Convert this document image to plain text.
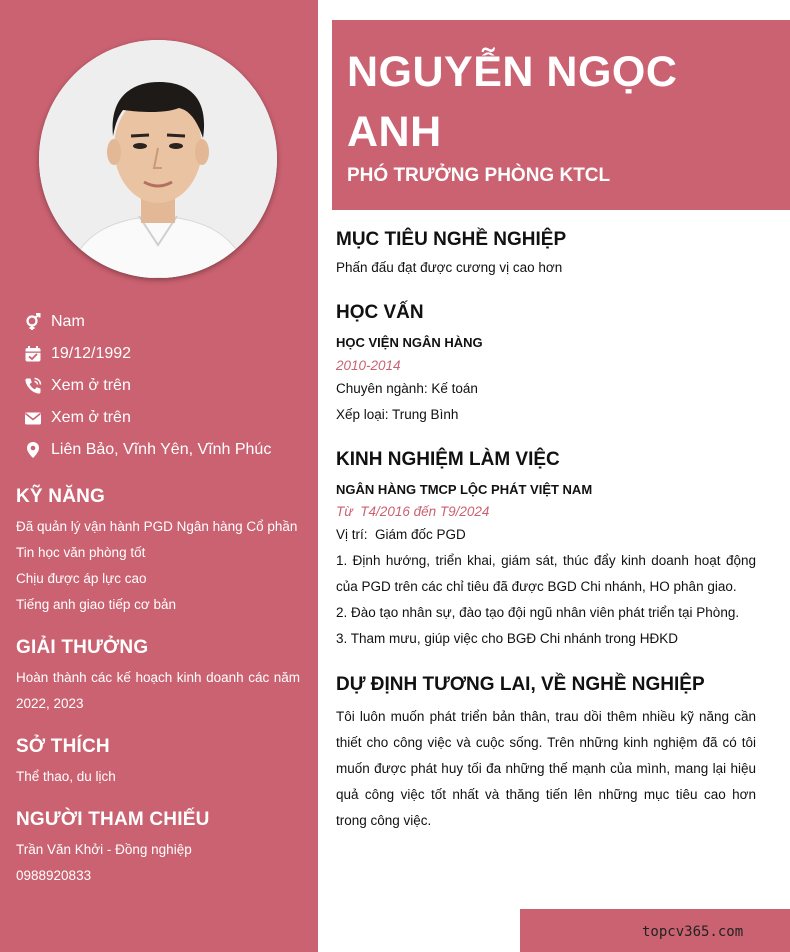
Nam
19/12/1992
Xem ở trên
Xem ở trên
Liên Bảo, Vĩnh Yên, Vĩnh Phúc
KỸ NĂNG
Đã quản lý vận hành PGD Ngân hàng Cổ phần
Tin học văn phòng tốt
Chịu được áp lực cao
Tiếng anh giao tiếp cơ bản
GIẢI THƯỞNG
Hoàn thành các kế hoạch kinh doanh các năm 2022, 2023
SỞ THÍCH
Thể thao, du lịch
NGƯỜI THAM CHIẾU
Trần Văn Khởi - Đồng nghiệp
0988920833
NGUYỄN NGỌC ANH
PHÓ TRƯỞNG PHÒNG KTCL
MỤC TIÊU NGHỀ NGHIỆP
Phấn đấu đạt được cương vị cao hơn
HỌC VẤN
HỌC VIỆN NGÂN HÀNG
2010-2014
Chuyên ngành: Kế toán
Xếp loại: Trung Bình
KINH NGHIỆM LÀM VIỆC
NGÂN HÀNG TMCP LỘC PHÁT VIỆT NAM
Từ  T4/2016 đến T9/2024
Vị trí:  Giám đốc PGD
1. Định hướng, triển khai, giám sát, thúc đẩy kinh doanh hoạt động của PGD trên các chỉ tiêu đã được BGD Chi nhánh, HO phân giao.
2. Đào tạo nhân sự, đào tạo đội ngũ nhân viên phát triển tại Phòng.
3. Tham mưu, giúp việc cho BGĐ Chi nhánh trong HĐKD
DỰ ĐỊNH TƯƠNG LAI, VỀ NGHỀ NGHIỆP
Tôi luôn muốn phát triển bản thân, trau dồi thêm nhiều kỹ năng cần thiết cho công việc và cuộc sống. Trên những kinh nghiệm đã có tôi muốn được phát huy tối đa những thế mạnh của mình, mang lại hiệu quả công việc tốt nhất và thăng tiến lên những mục tiêu cao hơn trong công việc.
topcv365.com
